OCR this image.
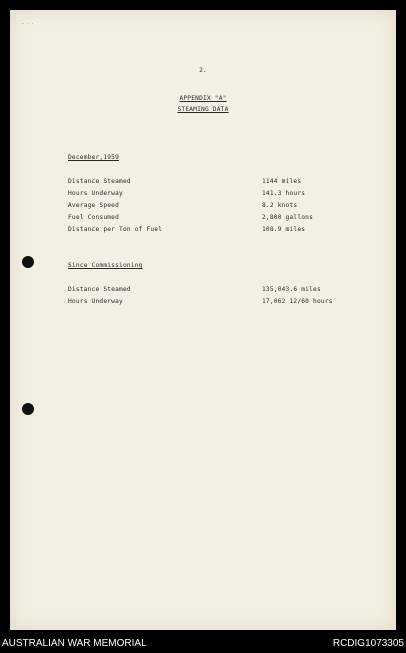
- · ·
2.
APPENDIX "A"
STEAMING DATA
December,1959
Distance Steamed	1144 miles
Hours Underway	141.3 hours
Average Speed	8.2 knots
Fuel Consumed	2,800 gallons
Distance per Ton of Fuel	108.9 miles
Since Commissioning
Distance Steamed	135,043.6 miles
Hours Underway	17,062 12/60 hours
AUSTRALIAN WAR MEMORIAL	RCDIG1073305
